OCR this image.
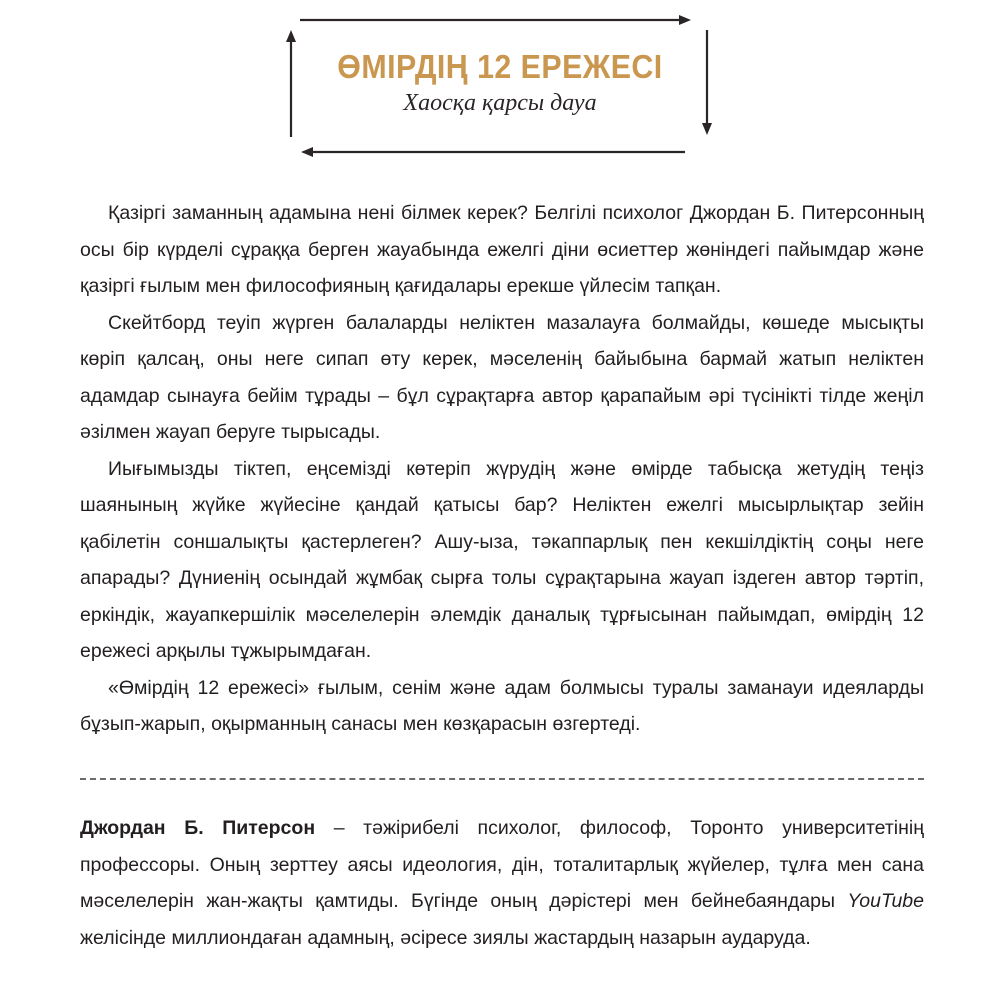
ӨМІРДІҢ 12 ЕРЕЖЕСІ
Хаосқа қарсы дауа

Қазіргі заманның адамына нені білмек керек? Белгілі психолог Джордан Б. Питерсонның осы бір күрделі сұраққа берген жауабында ежелгі діни өсиеттер жөніндегі пайымдар және қазіргі ғылым мен философияның қағидалары ерекше үйлесім тапқан.

Скейтборд теуіп жүрген балаларды неліктен мазалауға болмайды, көшеде мысықты көріп қалсаң, оны неге сипап өту керек, мәселенің байыбына бармай жатып неліктен адамдар сынауға бейім тұрады – бұл сұрақтарға автор қарапайым әрі түсінікті тілде жеңіл әзілмен жауап беруге тырысады.

Иығымызды тіктеп, еңсемізді көтеріп жүрудің және өмірде табысқа жетудің теңіз шаянының жүйке жүйесіне қандай қатысы бар? Неліктен ежелгі мысырлықтар зейін қабілетін соншалықты қастерлеген? Ашу-ыза, тәкаппарлық пен кекшілдіктің соңы неге апарады? Дүниенің осындай жұмбақ сырға толы сұрақтарына жауап іздеген автор тәртіп, еркіндік, жауапкершілік мәселелерін әлемдік даналық тұрғысынан пайымдап, өмірдің 12 ережесі арқылы тұжырымдаған.

«Өмірдің 12 ережесі» ғылым, сенім және адам болмысы туралы заманауи идеяларды бұзып-жарып, оқырманның санасы мен көзқарасын өзгертеді.

Джордан Б. Питерсон – тәжірибелі психолог, философ, Торонто университетінің профессоры. Оның зерттеу аясы идеология, дін, тоталитарлық жүйелер, тұлға мен сана мәселелерін жан-жақты қамтиды. Бүгінде оның дәрістері мен бейнебаяндары YouTube желісінде миллиондаған адамның, әсіресе зиялы жастардың назарын аударуда.
